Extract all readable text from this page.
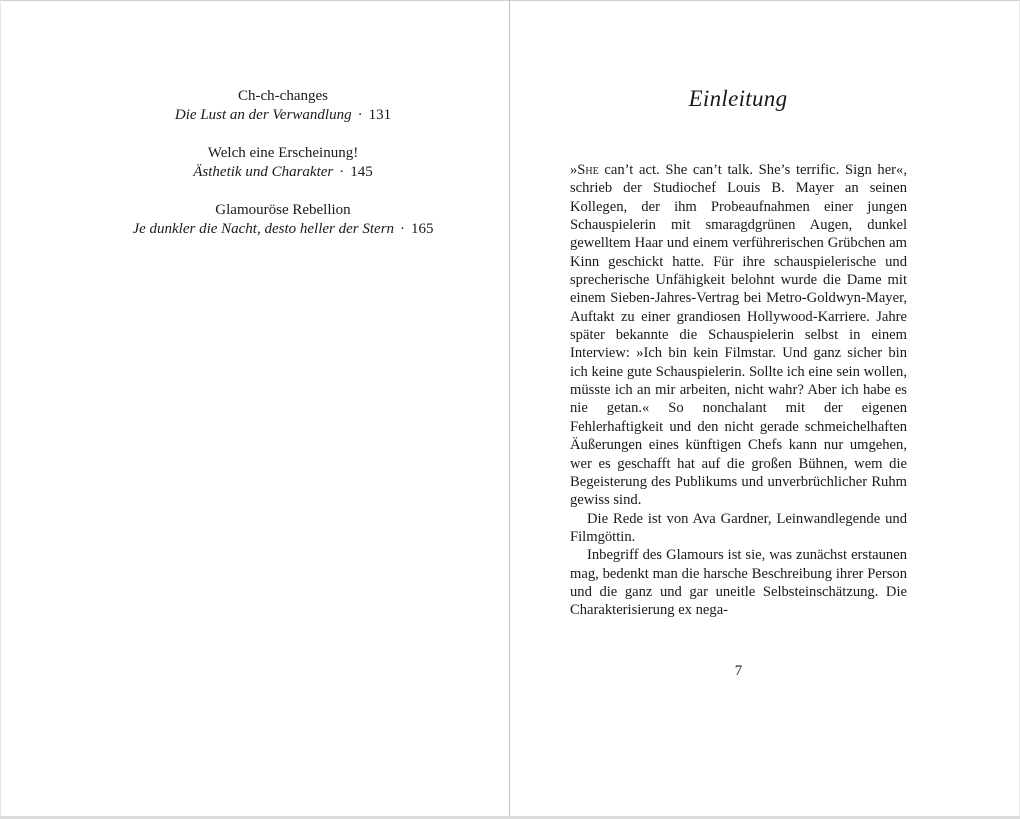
Ch-ch-changes
Die Lust an der Verwandlung · 131
Welch eine Erscheinung!
Ästhetik und Charakter · 145
Glamouröse Rebellion
Je dunkler die Nacht, desto heller der Stern · 165
Einleitung

»She can’t act. She can’t talk. She’s terrific. Sign her«, schrieb der Studiochef Louis B. Mayer an seinen Kollegen, der ihm Probeaufnahmen einer jungen Schauspielerin mit smaragdgrünen Augen, dunkel gewelltem Haar und einem verführerischen Grübchen am Kinn geschickt hatte. Für ihre schauspielerische und sprecherische Unfähigkeit belohnt wurde die Dame mit einem Sieben-Jahres-Vertrag bei Metro-Goldwyn-Mayer, Auftakt zu einer grandiosen Hollywood-Karriere. Jahre später bekannte die Schauspielerin selbst in einem Interview: »Ich bin kein Filmstar. Und ganz sicher bin ich keine gute Schauspielerin. Sollte ich eine sein wollen, müsste ich an mir arbeiten, nicht wahr? Aber ich habe es nie getan.« So nonchalant mit der eigenen Fehlerhaftigkeit und den nicht gerade schmeichelhaften Äußerungen eines künftigen Chefs kann nur umgehen, wer es geschafft hat auf die großen Bühnen, wem die Begeisterung des Publikums und unverbrüchlicher Ruhm gewiss sind.

Die Rede ist von Ava Gardner, Leinwandlegende und Filmgöttin.

Inbegriff des Glamours ist sie, was zunächst erstaunen mag, bedenkt man die harsche Beschreibung ihrer Person und die ganz und gar uneitle Selbsteinschätzung. Die Charakterisierung ex nega-

7
